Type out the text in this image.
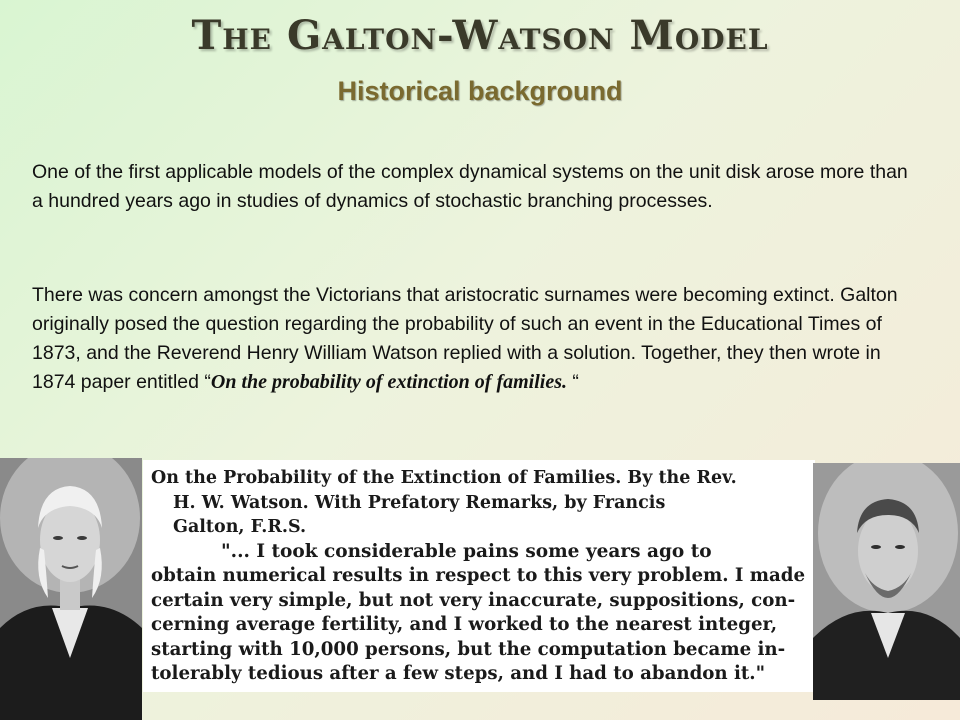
The Galton-Watson Model
Historical background
One of the first applicable models of the complex dynamical systems on the unit disk arose more than a hundred years ago in studies of dynamics of stochastic branching processes.
There was concern amongst the Victorians that aristocratic surnames were becoming extinct. Galton originally posed the question regarding the probability of such an event in the Educational Times of 1873, and the Reverend Henry William Watson replied with a solution. Together, they then wrote in 1874 paper entitled “On the probability of extinction of families. “
On the Probability of the Extinction of Families. By the Rev.
H. W. Watson. With Prefatory Remarks, by Francis
Galton, F.R.S.
"... I took considerable pains some years ago to
obtain numerical results in respect to this very problem. I made
certain very simple, but not very inaccurate, suppositions, con-
cerning average fertility, and I worked to the nearest integer,
starting with 10,000 persons, but the computation became in-
tolerably tedious after a few steps, and I had to abandon it."
